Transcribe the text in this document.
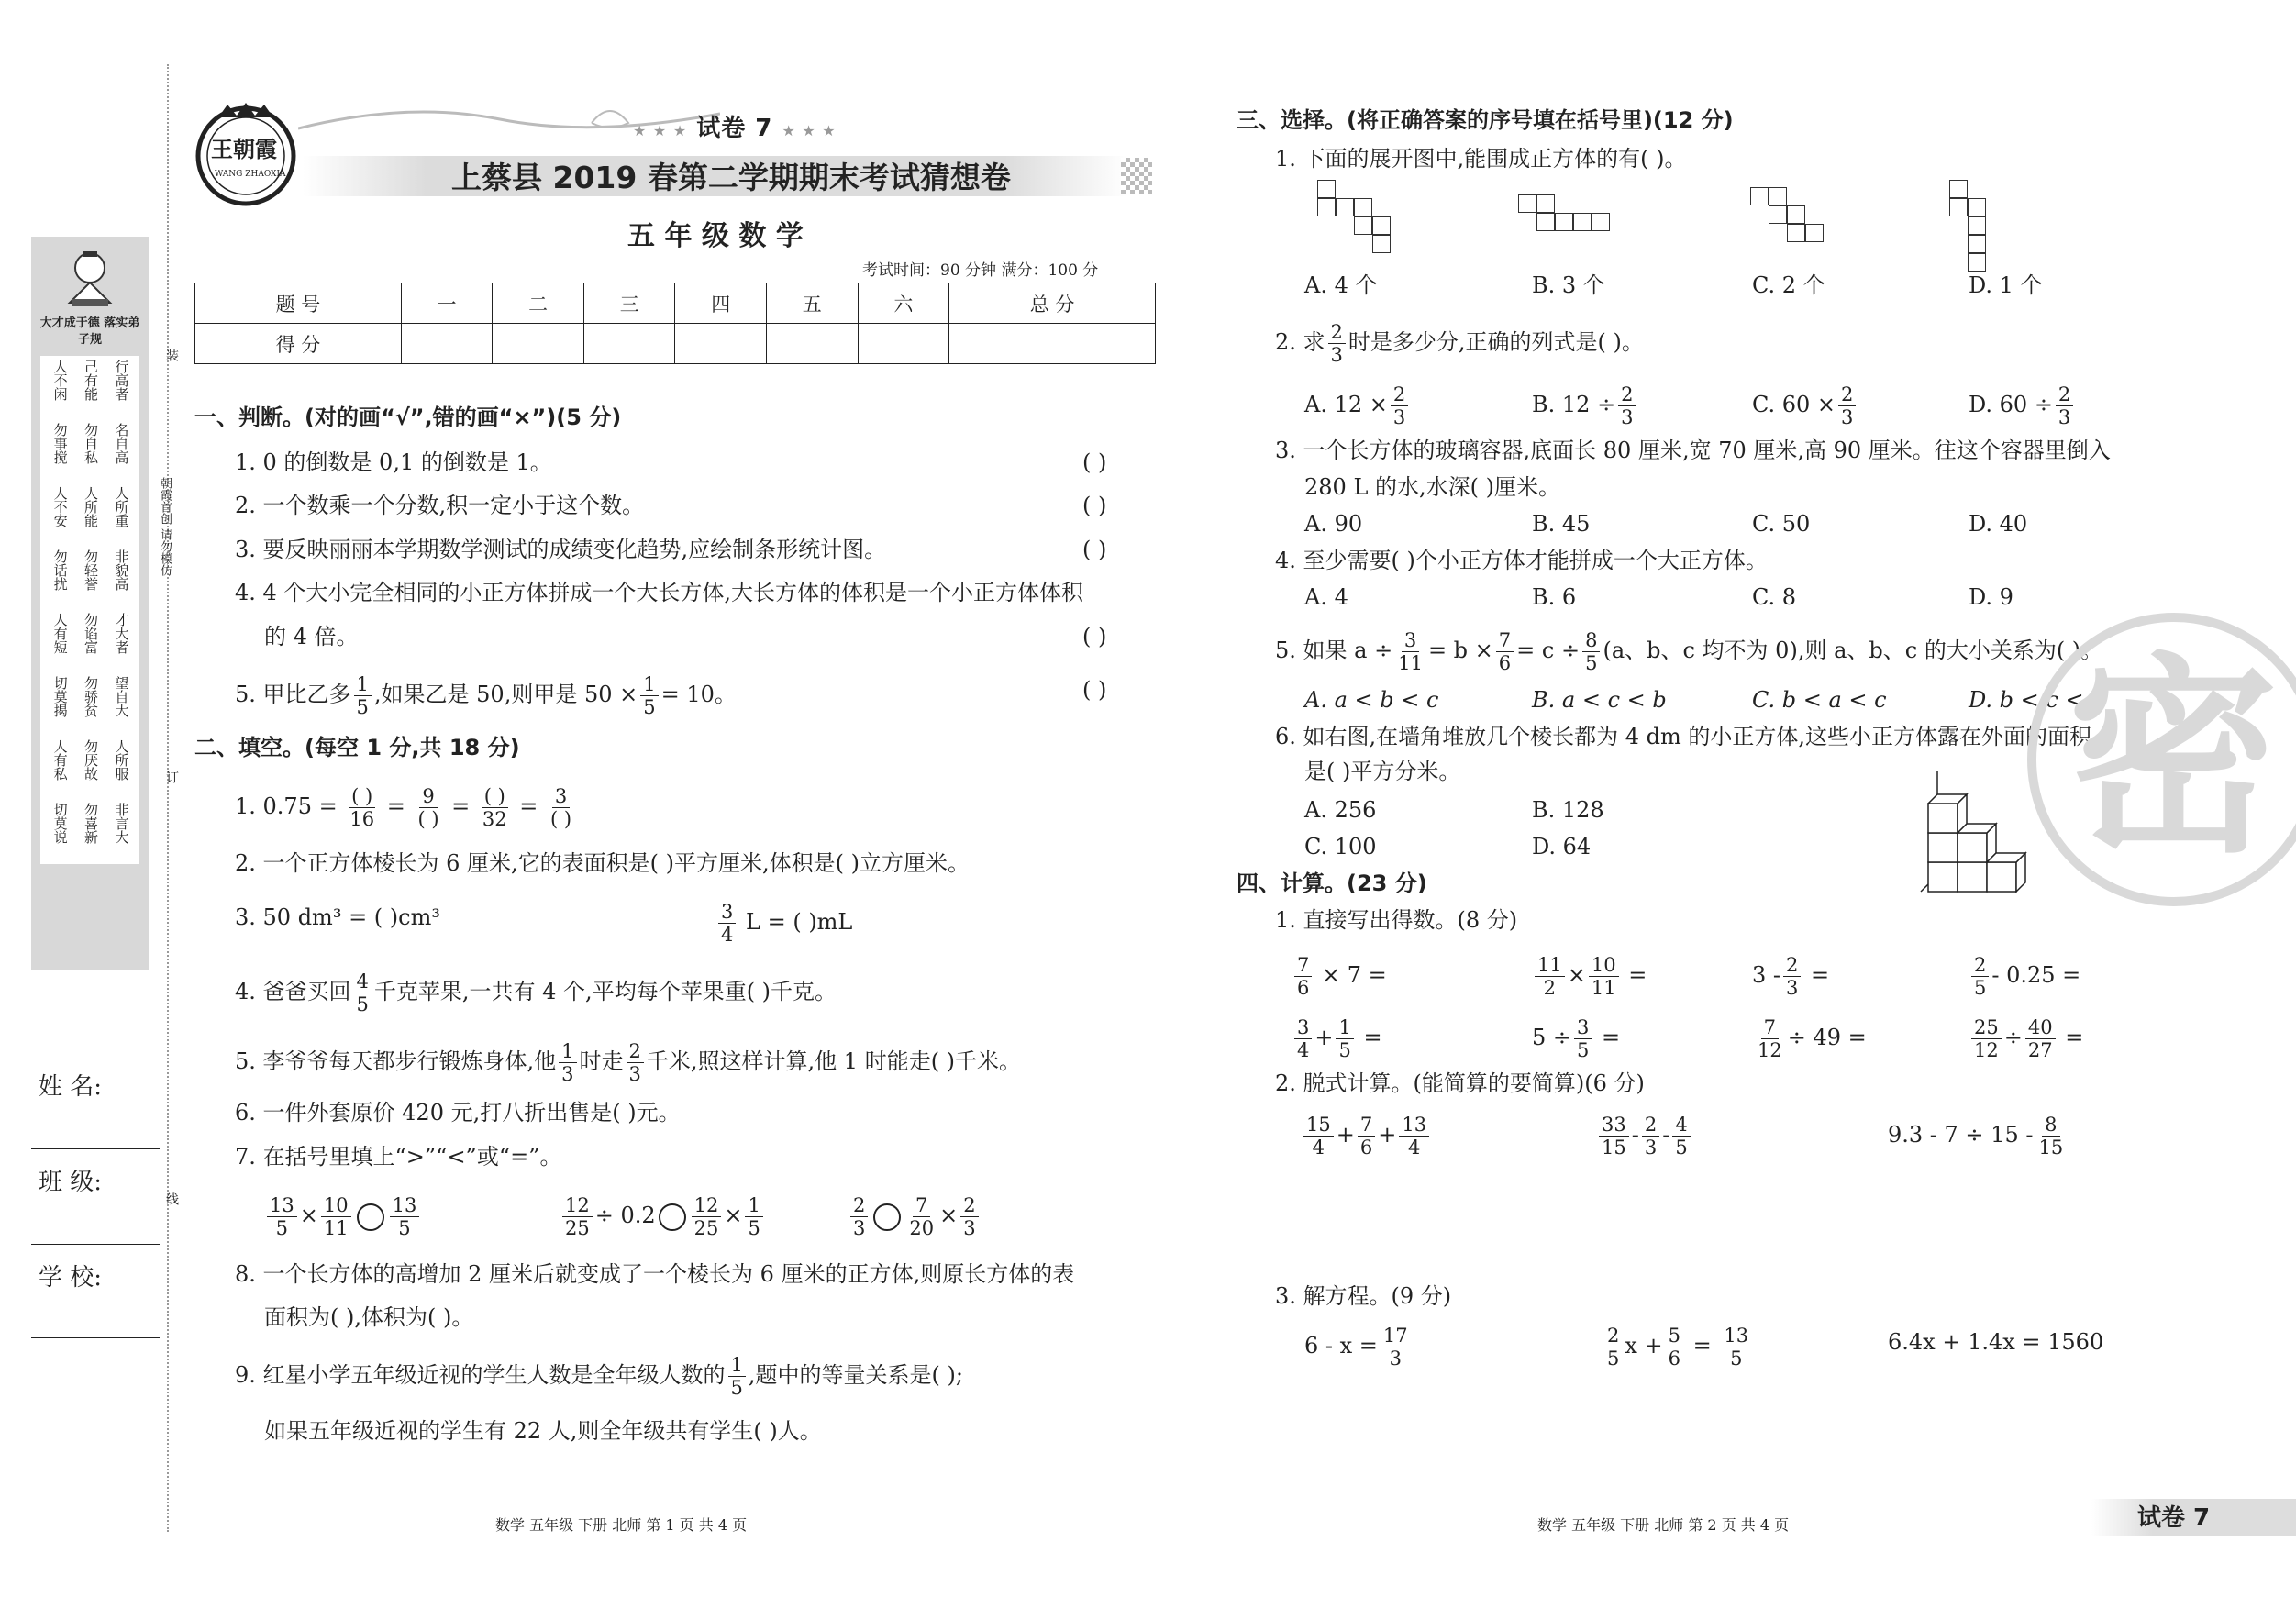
大才成于德 落实弟子规
人不闲 己有能 行高者
勿事搅 勿自私 名自高
人不安 人所能 人所重
勿话扰 勿轻誉 非貌高
人有短 勿谄富 才大者
切莫揭 勿骄贫 望自大
人有私 勿厌故 人所服
切莫说 勿喜新 非言大
装
朝霞首创 请勿模仿
订
线
姓 名:
班 级:
学 校:
王朝霞
WANG ZHAOXIA
★ ★ ★ 试卷 7 ★ ★ ★
上蔡县 2019 春第二学期期末考试猜想卷
五 年 级 数 学
考试时间：90 分钟 满分：100 分
题 号	一	二	三	四	五	六	总 分
得 分							
一、判断。(对的画“√”,错的画“×”)(5 分)
1. 0 的倒数是 0,1 的倒数是 1。
2. 一个数乘一个分数,积一定小于这个数。
3. 要反映丽丽本学期数学测试的成绩变化趋势,应绘制条形统计图。
4. 4 个大小完全相同的小正方体拼成一个大长方体,大长方体的体积是一个小正方体体积
的 4 倍。
5. 甲比乙多 $\frac{1}{5}$ ,如果乙是 50,则甲是 $50 \times \frac{1}{5} = 10$。
( )
( )
( )
( )
( )
二、填空。(每空 1 分,共 18 分)
1. $0.75 = \frac{( )}{16} = \frac{9}{( )} = \frac{( )}{32} = \frac{3}{( )}$
2. 一个正方体棱长为 6 厘米,它的表面积是( )平方厘米,体积是( )立方厘米。
3. 50 dm³ = ( )cm³	$\frac{3}{4}$ L = ( )mL
4. 爸爸买回 $\frac{4}{5}$ 千克苹果,一共有 4 个,平均每个苹果重( )千克。
5. 李爷爷每天都步行锻炼身体,他 $\frac{1}{3}$ 时走 $\frac{2}{3}$ 千米,照这样计算,他 1 时能走( )千米。
6. 一件外套原价 420 元,打八折出售是( )元。
7. 在括号里填上“>”“<”或“=”。
$\frac{13}{5} \times \frac{10}{11} \frac{13}{5}$	$\frac{12}{25} \div 0.2 \frac{12}{25} \times \frac{1}{5}$	$\frac{2}{3} \frac{7}{20} \times \frac{2}{3}$
8. 一个长方体的高增加 2 厘米后就变成了一个棱长为 6 厘米的正方体,则原长方体的表
面积为( ),体积为( )。
9. 红星小学五年级近视的学生人数是全年级人数的 $\frac{1}{5}$ ,题中的等量关系是( );
如果五年级近视的学生有 22 人,则全年级共有学生( )人。
三、选择。(将正确答案的序号填在括号里)(12 分)
1. 下面的展开图中,能围成正方体的有( )。
A. 4 个	B. 3 个	C. 2 个	D. 1 个
2. 求 $\frac{2}{3}$ 时是多少分,正确的列式是( )。
A. $12 \times \frac{2}{3}$	B. $12 \div \frac{2}{3}$	C. $60 \times \frac{2}{3}$	D. $60 \div \frac{2}{3}$
3. 一个长方体的玻璃容器,底面长 80 厘米,宽 70 厘米,高 90 厘米。往这个容器里倒入
280 L 的水,水深( )厘米。
A. 90	B. 45	C. 50	D. 40
4. 至少需要( )个小正方体才能拼成一个大正方体。
A. 4	B. 6	C. 8	D. 9
5. 如果 $a \div \frac{3}{11} = b \times \frac{7}{6} = c \div \frac{8}{5} (a$、b、c 均不为 0),则 a、b、c 的大小关系为( )。
A. a < b < c	B. a < c < b	C. b < a < c	D. b < c < a
6. 如右图,在墙角堆放几个棱长都为 4 dm 的小正方体,这些小正方体露在外面的面积
是( )平方分米。
A. 256	B. 128
C. 100	D. 64 密
四、计算。(23 分)
1. 直接写出得数。(8 分)
$\frac{7}{6} \times 7$ =	$\frac{11}{2} \times \frac{10}{11}$ =	$3 - \frac{2}{3}$ =	$\frac{2}{5} - 0.25$ =
$\frac{3}{4} + \frac{1}{5}$ =	$5 \div \frac{3}{5}$ =	$\frac{7}{12} \div 49$ =	$\frac{25}{12} \div \frac{40}{27}$ =
2. 脱式计算。(能简算的要简算)(6 分)
$\frac{15}{4} + \frac{7}{6} + \frac{13}{4}$	$\frac{33}{15} - \frac{2}{3} - \frac{4}{5}$	$9.3 - 7 \div 15 - \frac{8}{15}$
3. 解方程。(9 分)
$6 - x = \frac{17}{3}$	$\frac{2}{5}$ $x + \frac{5}{6} = \frac{13}{5}$	6.4x + 1.4x = 1560
数学 五年级 下册 北师 第 1 页 共 4 页	数学 五年级 下册 北师 第 2 页 共 4 页	试卷 7
